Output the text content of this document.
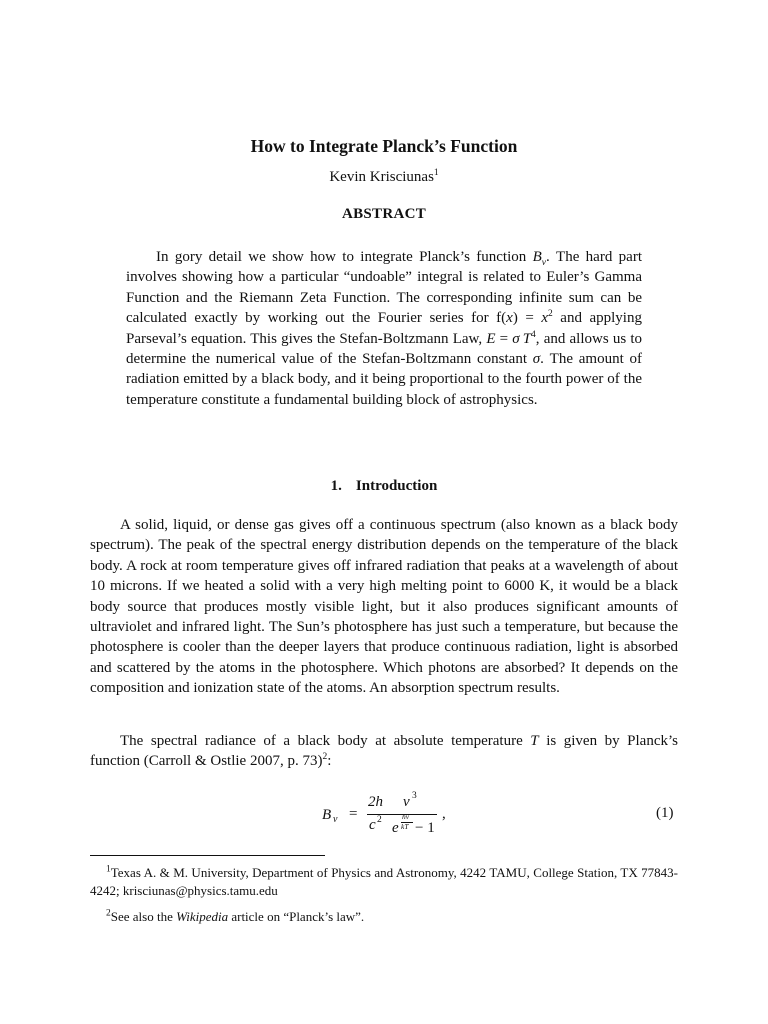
How to Integrate Planck’s Function
Kevin Krisciunas$^1$
ABSTRACT
In gory detail we show how to integrate Planck’s function $B_\nu$. The hard part involves showing how a particular “undoable” integral is related to Euler’s Gamma Function and the Riemann Zeta Function. The corresponding infinite sum can be calculated exactly by working out the Fourier series for $f(x) = x^2$ and applying Parseval’s equation. This gives the Stefan-Boltzmann Law, E = σ  $T^4$, and allows us to determine the numerical value of the Stefan-Boltzmann constant σ. The amount of radiation emitted by a black body, and it being proportional to the fourth power of the temperature constitute a fundamental building block of astrophysics.
1. Introduction
A solid, liquid, or dense gas gives off a continuous spectrum (also known as a black body spectrum). The peak of the spectral energy distribution depends on the temperature of the black body. A rock at room temperature gives off infrared radiation that peaks at a wavelength of about 10 microns. If we heated a solid with a very high melting point to 6000 K, it would be a black body source that produces mostly visible light, but it also produces significant amounts of ultraviolet and infrared light. The Sun’s photosphere has just such a temperature, but because the photosphere is cooler than the deeper layers that produce continuous radiation, light is absorbed and scattered by the atoms in the photosphere. Which photons are absorbed? It depends on the composition and ionization state of the atoms. An absorption spectrum results.
The spectral radiance of a black body at absolute temperature T is given by Planck’s function (Carroll & Ostlie 2007, p. 73)$^2$:
B ν =
2h
c 2
ν 3
e
hν
kT − 1
,	(1)
$^1$Texas A. & M. University, Department of Physics and Astronomy, 4242 TAMU, College Station, TX 77843-4242; krisciunas@physics.tamu.edu
$^2$See also the Wikipedia article on “Planck’s law”.
